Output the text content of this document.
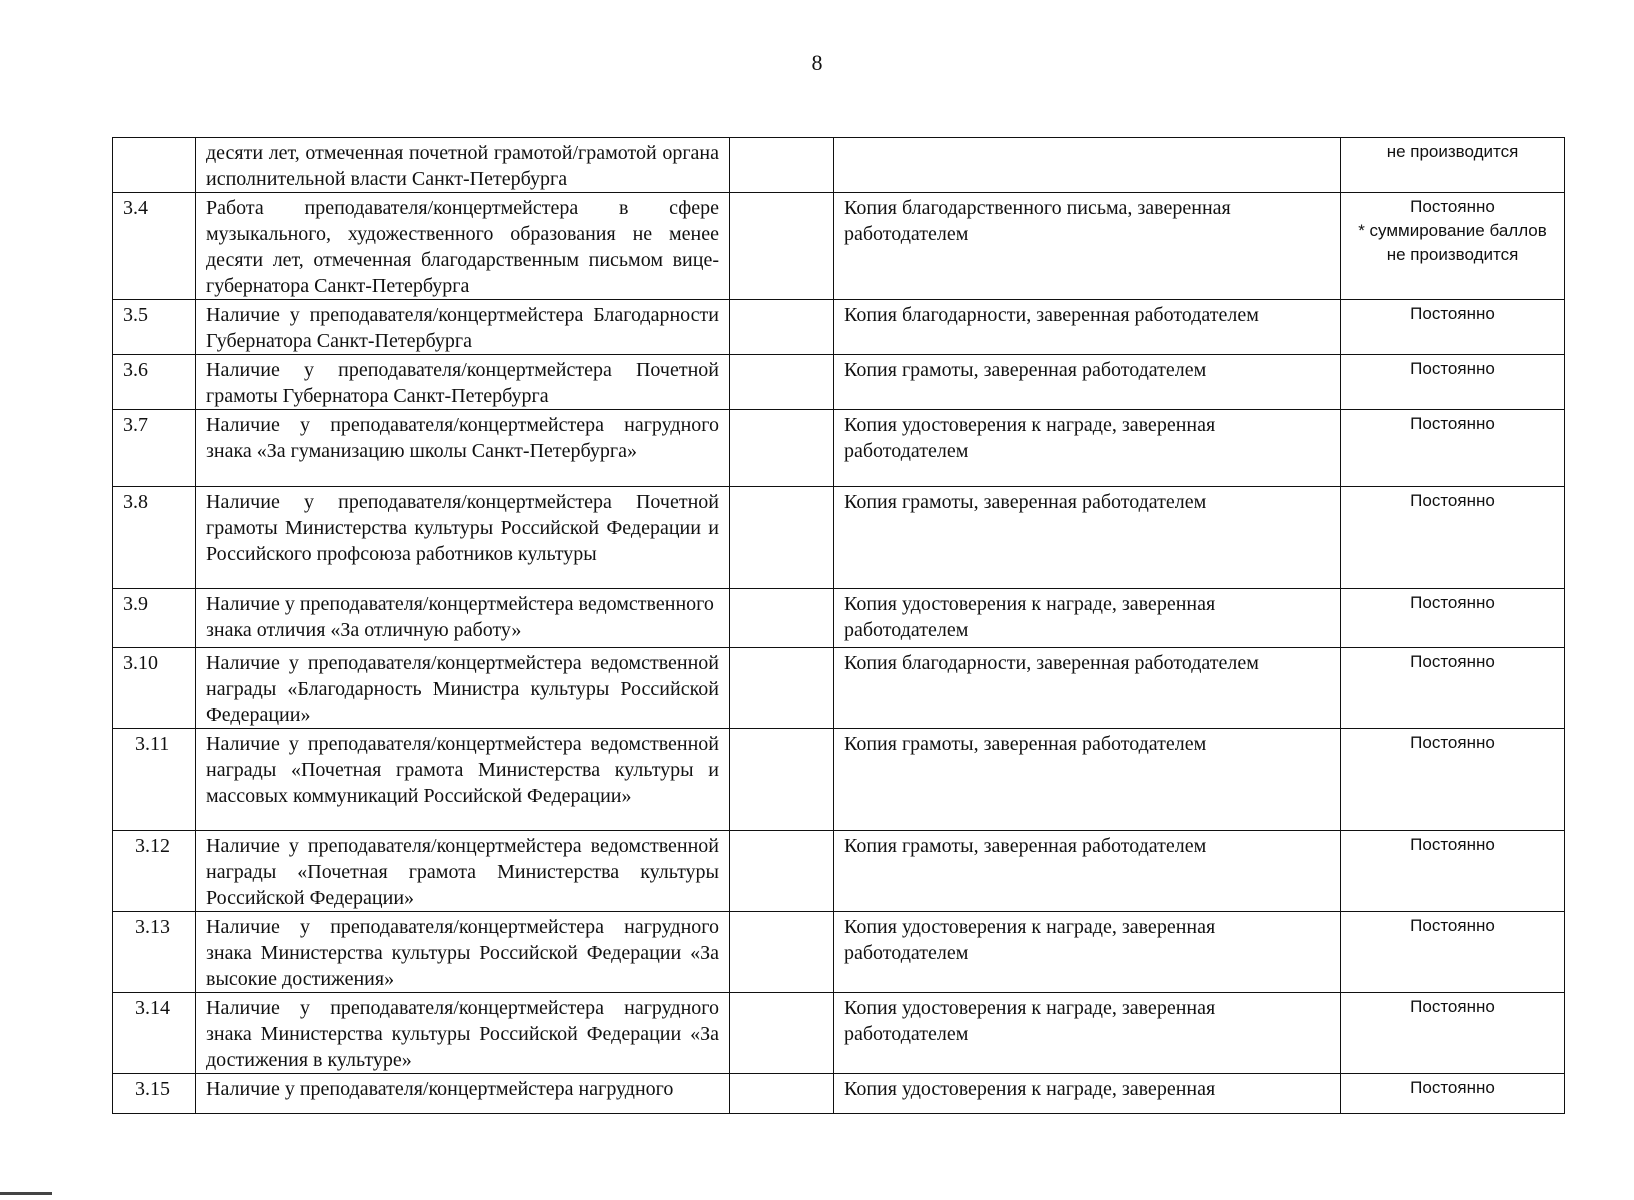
8
	десяти лет, отмеченная почетной грамотой/грамотой органа исполнительной власти Санкт-Петербурга			не производится

3.4	Работа преподавателя/концертмейстера в сфере музыкального, художественного образования не менее десяти лет, отмеченная благодарственным письмом вице-губернатора Санкт-Петербурга		Копия благодарственного письма, заверенная работодателем	Постоянно
* суммирование баллов
не производится

3.5	Наличие у преподавателя/концертмейстера Благодарности Губернатора Санкт-Петербурга		Копия благодарности, заверенная работодателем	Постоянно

3.6	Наличие у преподавателя/концертмейстера Почетной грамоты Губернатора Санкт-Петербурга		Копия грамоты, заверенная работодателем	Постоянно

3.7	Наличие у преподавателя/концертмейстера нагрудного знака «За гуманизацию школы Санкт-Петербурга»		Копия удостоверения к награде, заверенная работодателем	Постоянно

3.8	Наличие у преподавателя/концертмейстера Почетной грамоты Министерства культуры Российской Федерации и Российского профсоюза работников культуры		Копия грамоты, заверенная работодателем	Постоянно

3.9	Наличие у преподавателя/концертмейстера ведомственного знака отличия «За отличную работу»		Копия удостоверения к награде, заверенная работодателем	Постоянно

3.10	Наличие у преподавателя/концертмейстера ведомственной награды «Благодарность Министра культуры Российской Федерации»		Копия благодарности, заверенная работодателем	Постоянно

3.11	Наличие у преподавателя/концертмейстера ведомственной награды «Почетная грамота Министерства культуры и массовых коммуникаций Российской Федерации»		Копия грамоты, заверенная работодателем	Постоянно

3.12	Наличие у преподавателя/концертмейстера ведомственной награды «Почетная грамота Министерства культуры Российской Федерации»		Копия грамоты, заверенная работодателем	Постоянно

3.13	Наличие у преподавателя/концертмейстера нагрудного знака Министерства культуры Российской Федерации «За высокие достижения»		Копия удостоверения к награде, заверенная работодателем	Постоянно

3.14	Наличие у преподавателя/концертмейстера нагрудного знака Министерства культуры Российской Федерации «За достижения в культуре»		Копия удостоверения к награде, заверенная работодателем	Постоянно

3.15	Наличие у преподавателя/концертмейстера нагрудного		Копия удостоверения к награде, заверенная	Постоянно
